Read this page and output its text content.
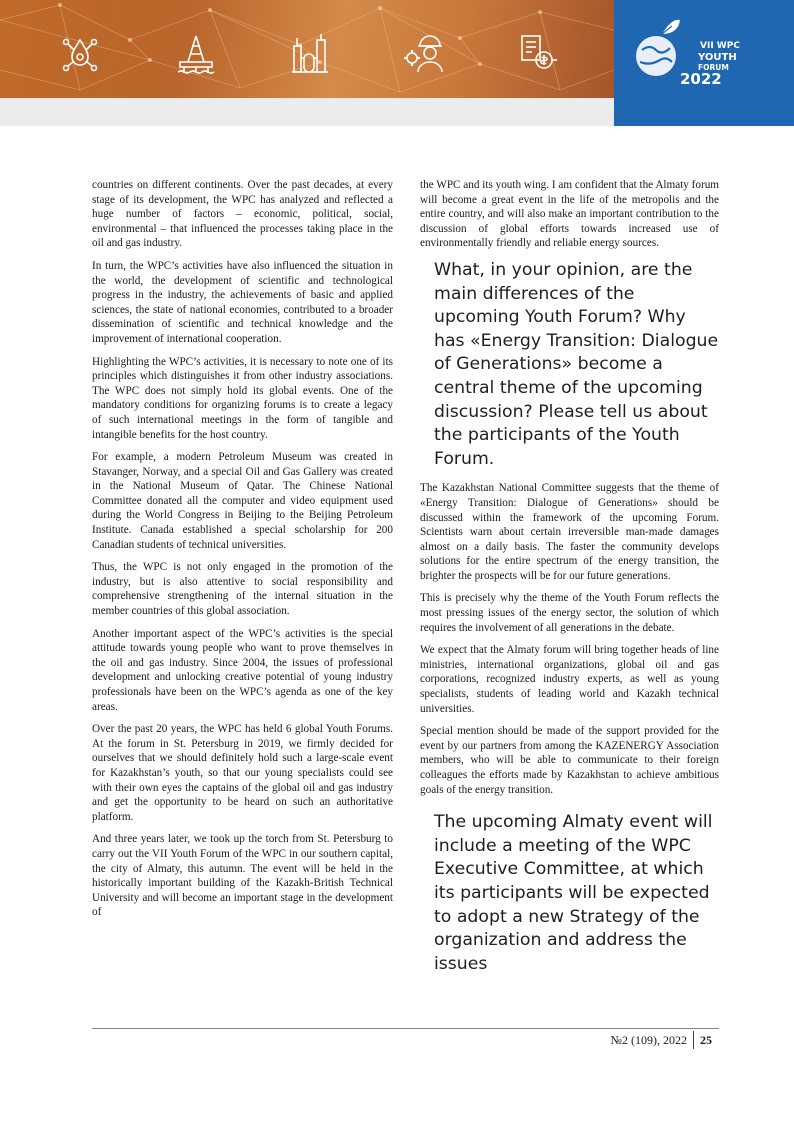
VII WPC
YOUTH
FORUM
2022

countries on different continents. Over the past decades, at every stage of its development, the WPC has analyzed and reflected a huge number of factors – economic, political, social, environmental – that influenced the processes taking place in the oil and gas industry.

In turn, the WPC’s activities have also influenced the situation in the world, the development of scientific and technological progress in the industry, the achievements of basic and applied sciences, the state of national economies, contributed to a broader dissemination of scientific and technical knowledge and the improvement of international cooperation.

Highlighting the WPC’s activities, it is necessary to note one of its principles which distinguishes it from other industry associations. The WPC does not simply hold its global events. One of the mandatory conditions for organizing forums is to create a legacy of such international meetings in the form of tangible and intangible benefits for the host country.

For example, a modern Petroleum Museum was created in Stavanger, Norway, and a special Oil and Gas Gallery was created in the National Museum of Qatar. The Chinese National Committee donated all the computer and video equipment used during the World Congress in Beijing to the Beijing Petroleum Institute. Canada established a special scholarship for 200 Canadian students of technical universities.

Thus, the WPC is not only engaged in the promotion of the industry, but is also attentive to social responsibility and comprehensive strengthening of the internal situation in the member countries of this global association.

Another important aspect of the WPC’s activities is the special attitude towards young people who want to prove themselves in the oil and gas industry. Since 2004, the issues of professional development and unlocking creative potential of young industry professionals have been on the WPC’s agenda as one of the key areas.

Over the past 20 years, the WPC has held 6 global Youth Forums. At the forum in St. Petersburg in 2019, we firmly decided for ourselves that we should definitely hold such a large-scale event for Kazakhstan’s youth, so that our young specialists could see with their own eyes the captains of the global oil and gas industry and get the opportunity to be heard on such an authoritative platform.

And three years later, we took up the torch from St. Petersburg to carry out the VII Youth Forum of the WPC in our southern capital, the city of Almaty, this autumn. The event will be held in the historically important building of the Kazakh-British Technical University and will become an important stage in the development of

the WPC and its youth wing. I am confident that the Almaty forum will become a great event in the life of the metropolis and the entire country, and will also make an important contribution to the discussion of global efforts towards increased use of environmentally friendly and reliable energy sources.

What, in your opinion, are the main differences of the upcoming Youth Forum? Why has «Energy Transition: Dialogue of Generations» become a central theme of the upcoming discussion? Please tell us about the participants of the Youth Forum.

The Kazakhstan National Committee suggests that the theme of «Energy Transition: Dialogue of Generations» should be discussed within the framework of the upcoming Forum. Scientists warn about certain irreversible man-made damages almost on a daily basis. The faster the community develops solutions for the entire spectrum of the energy transition, the brighter the prospects will be for our future generations.

This is precisely why the theme of the Youth Forum reflects the most pressing issues of the energy sector, the solution of which requires the involvement of all generations in the debate.

We expect that the Almaty forum will bring together heads of line ministries, international organizations, global oil and gas corporations, recognized industry experts, as well as young specialists, students of leading world and Kazakh technical universities.

Special mention should be made of the support provided for the event by our partners from among the KAZENERGY Association members, who will be able to communicate to their foreign colleagues the efforts made by Kazakhstan to achieve ambitious goals of the energy transition.

The upcoming Almaty event will include a meeting of the WPC Executive Committee, at which its participants will be expected to adopt a new Strategy of the organization and address the issues
№2 (109), 2022 25
